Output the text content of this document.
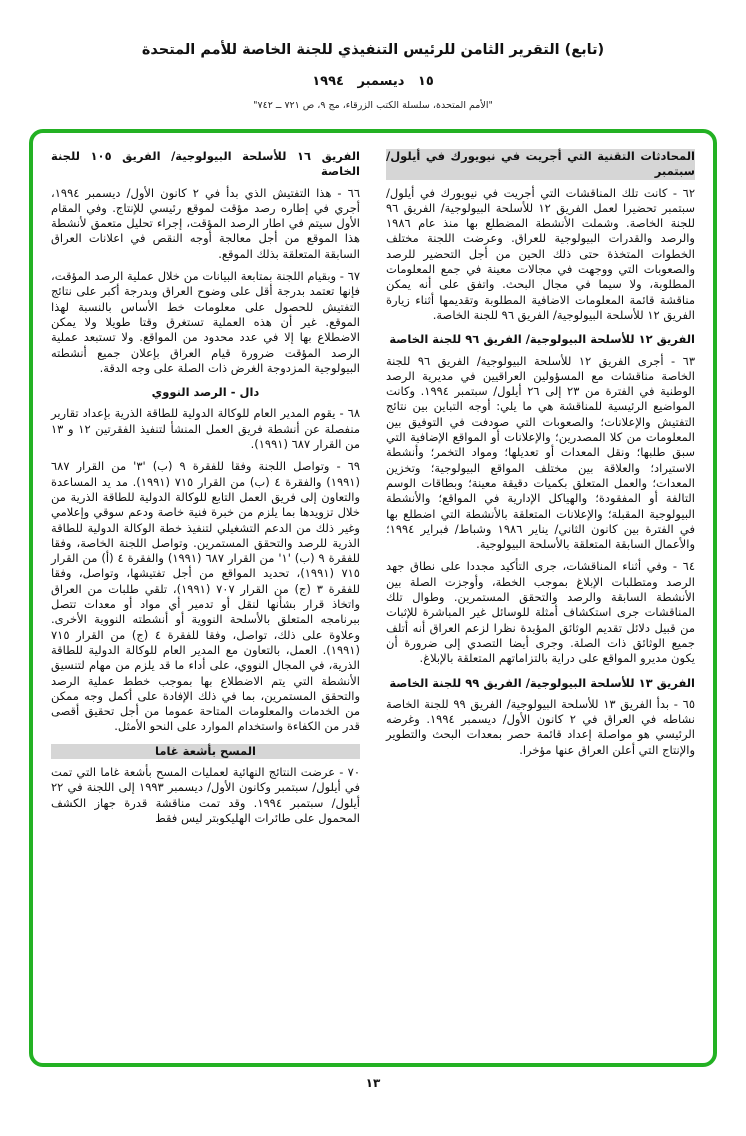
(تابع) التقرير الثامن للرئيس التنفيذي للجنة الخاصة للأمم المتحدة
١٥ ديسمبر ١٩٩٤
"الأمم المتحدة، سلسلة الكتب الزرقاء، مج ٩، ص ٧٢١ ــ ٧٤٢"
المحادثات التقنية التي أجريت في نيويورك في أيلول/ سبتمبر
٦٢ - كانت تلك المناقشات التي أجريت في نيويورك في أيلول/ سبتمبر تحضيرا لعمل الفريق ١٢ للأسلحة البيولوجية/ الفريق ٩٦ للجنة الخاصة. وشملت الأنشطة المضطلع بها منذ عام ١٩٨٦ والرصد والقدرات البيولوجية للعراق. وعرضت اللجنة مختلف الخطوات المتخذة حتى ذلك الحين من أجل التحضير للرصد والصعوبات التي ووجهت في مجالات معينة في جمع المعلومات المطلوبة، ولا سيما في مجال البحث. واتفق على أنه يمكن مناقشة قائمة المعلومات الاضافية المطلوبة وتقديمها أثناء زيارة الفريق ١٢ للأسلحة البيولوجية/ الفريق ٩٦ للجنة الخاصة.
الفريق ١٢ للأسلحة البيولوجية/ الفريق ٩٦ للجنة الخاصة
٦٣ - أجرى الفريق ١٢ للأسلحة البيولوجية/ الفريق ٩٦ للجنة الخاصة مناقشات مع المسؤولين العراقيين في مديرية الرصد الوطنية في الفترة من ٢٣ إلى ٢٦ أيلول/ سبتمبر ١٩٩٤. وكانت المواضيع الرئيسية للمناقشة هي ما يلي: أوجه التباين بين نتائج التفتيش والإعلانات؛ والصعوبات التي صودفت في التوفيق بين المعلومات من كلا المصدرين؛ والإعلانات أو المواقع الإضافية التي سبق طلبها؛ ونقل المعدات أو تعديلها؛ ومواد التخمر؛ وأنشطة الاستيراد؛ والعلاقة بين مختلف المواقع البيولوجية؛ وتخزين المعدات؛ والعمل المتعلق بكميات دقيقة معينة؛ وبطاقات الوسم التالفة أو المفقودة؛ والهياكل الإدارية في المواقع؛ والأنشطة البيولوجية المقبلة؛ والإعلانات المتعلقة بالأنشطة التي اضطلع بها في الفترة بين كانون الثاني/ يناير ١٩٨٦ وشباط/ فبراير ١٩٩٤؛ والأعمال السابقة المتعلقة بالأسلحة البيولوجية.
٦٤ - وفي أثناء المناقشات، جرى التأكيد مجددا على نطاق جهد الرصد ومتطلبات الإبلاغ بموجب الخطة، وأوجزت الصلة بين الأنشطة السابقة والرصد والتحقق المستمرين. وطوال تلك المناقشات جرى استكشاف أمثلة للوسائل غير المباشرة للإثبات من قبيل دلائل تقديم الوثائق المؤيدة نظرا لزعم العراق أنه أتلف جميع الوثائق ذات الصلة. وجرى أيضا التصدي إلى ضرورة أن يكون مديرو المواقع على دراية بالتزاماتهم المتعلقة بالإبلاغ.
الفريق ١٣ للأسلحة البيولوجية/ الفريق ٩٩ للجنة الخاصة
٦٥ - بدأ الفريق ١٣ للأسلحة البيولوجية/ الفريق ٩٩ للجنة الخاصة نشاطه في العراق في ٢ كانون الأول/ ديسمبر ١٩٩٤. وغرضه الرئيسي هو مواصلة إعداد قائمة حصر بمعدات البحث والتطوير والإنتاج التي أعلن العراق عنها مؤخرا.
الفريق ١٦ للأسلحة البيولوجية/ الفريق ١٠٥ للجنة الخاصة
٦٦ - هذا التفتيش الذي بدأ في ٢ كانون الأول/ ديسمبر ١٩٩٤، أجري في إطاره رصد مؤقت لموقع رئيسي للإنتاج. وفي المقام الأول سيتم في اطار الرصد المؤقت، إجراء تحليل متعمق لأنشطة هذا الموقع من أجل معالجة أوجه النقص في اعلانات العراق السابقة المتعلقة بذلك الموقع.
٦٧ - وبقيام اللجنة بمتابعة البيانات من خلال عملية الرصد المؤقت، فإنها تعتمد بدرجة أقل على وضوح العراق وبدرجة أكبر على نتائج التفتيش للحصول على معلومات خط الأساس بالنسبة لهذا الموقع. غير أن هذه العملية تستغرق وقتا طويلا ولا يمكن الاضطلاع بها إلا في عدد محدود من المواقع. ولا تستبعد عملية الرصد المؤقت ضرورة قيام العراق بإعلان جميع أنشطته البيولوجية المزدوجة الغرض ذات الصلة على وجه الدقة.
دال - الرصد النووي
٦٨ - يقوم المدير العام للوكالة الدولية للطاقة الذرية بإعداد تقارير منفصلة عن أنشطة فريق العمل المنشأ لتنفيذ الفقرتين ١٢ و ١٣ من القرار ٦٨٧ (١٩٩١).
٦٩ - وتواصل اللجنة وفقا للفقرة ٩ (ب) '٣' من القرار ٦٨٧ (١٩٩١) والفقرة ٤ (ب) من القرار ٧١٥ (١٩٩١). مد يد المساعدة والتعاون إلى فريق العمل التابع للوكالة الدولية للطاقة الذرية من خلال تزويدها بما يلزم من خبرة فنية خاصة ودعم سوقي وإعلامي وغير ذلك من الدعم التشغيلي لتنفيذ خطة الوكالة الدولية للطاقة الذرية للرصد والتحقق المستمرين. وتواصل اللجنة الخاصة، وفقا للفقرة ٩ (ب) '١' من القرار ٦٨٧ (١٩٩١) والفقرة ٤ (أ) من القرار ٧١٥ (١٩٩١)، تحديد المواقع من أجل تفتيشها، وتواصل، وفقا للفقرة ٣ (ج) من القرار ٧٠٧ (١٩٩١)، تلقي طلبات من العراق واتخاذ قرار بشأنها لنقل أو تدمير أي مواد أو معدات تتصل ببرنامجه المتعلق بالأسلحة النووية أو أنشطته النووية الأخرى. وعلاوة على ذلك، تواصل، وفقا للفقرة ٤ (ج) من القرار ٧١٥ (١٩٩١). العمل، بالتعاون مع المدير العام للوكالة الدولية للطاقة الذرية، في المجال النووي، على أداء ما قد يلزم من مهام لتنسيق الأنشطة التي يتم الاضطلاع بها بموجب خطط عملية الرصد والتحقق المستمرين، بما في ذلك الإفادة على أكمل وجه ممكن من الخدمات والمعلومات المتاحة عموما من أجل تحقيق أقصى قدر من الكفاءة واستخدام الموارد على النحو الأمثل.
المسح بأشعة غاما
٧٠ - عرضت النتائج النهائية لعمليات المسح بأشعة غاما التي تمت في أيلول/ سبتمبر وكانون الأول/ ديسمبر ١٩٩٣ إلى اللجنة في ٢٢ أيلول/ سبتمبر ١٩٩٤. وقد تمت مناقشة قدرة جهاز الكشف المحمول على طائرات الهليكوبتر ليس فقط
١٣
